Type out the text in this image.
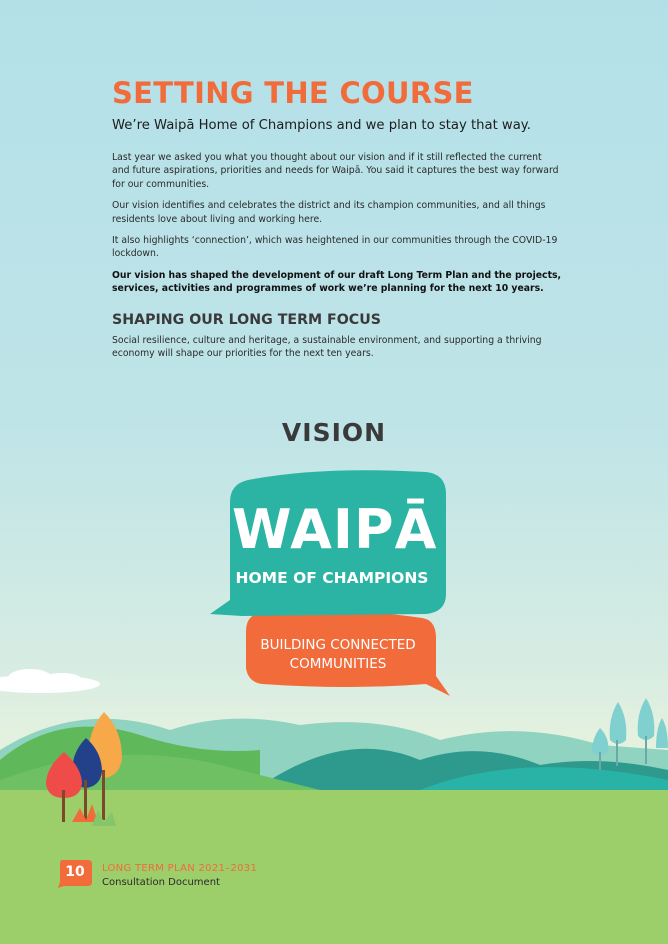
SETTING THE COURSE
We’re Waipā Home of Champions and we plan to stay that way.

Last year we asked you what you thought about our vision and if it still reflected the current and future aspirations, priorities and needs for Waipā. You said it captures the best way forward for our communities.

Our vision identifies and celebrates the district and its champion communities, and all things residents love about living and working here.

It also highlights ‘connection’, which was heightened in our communities through the COVID-19 lockdown.

Our vision has shaped the development of our draft Long Term Plan and the projects, services, activities and programmes of work we’re planning for the next 10 years.

SHAPING OUR LONG TERM FOCUS

Social resilience, culture and heritage, a sustainable environment, and supporting a thriving economy will shape our priorities for the next ten years.

VISION
WAIPĀ
HOME OF CHAMPIONS
BUILDING CONNECTED
COMMUNITIES
10	LONG TERM PLAN 2021–2031
Consultation Document
